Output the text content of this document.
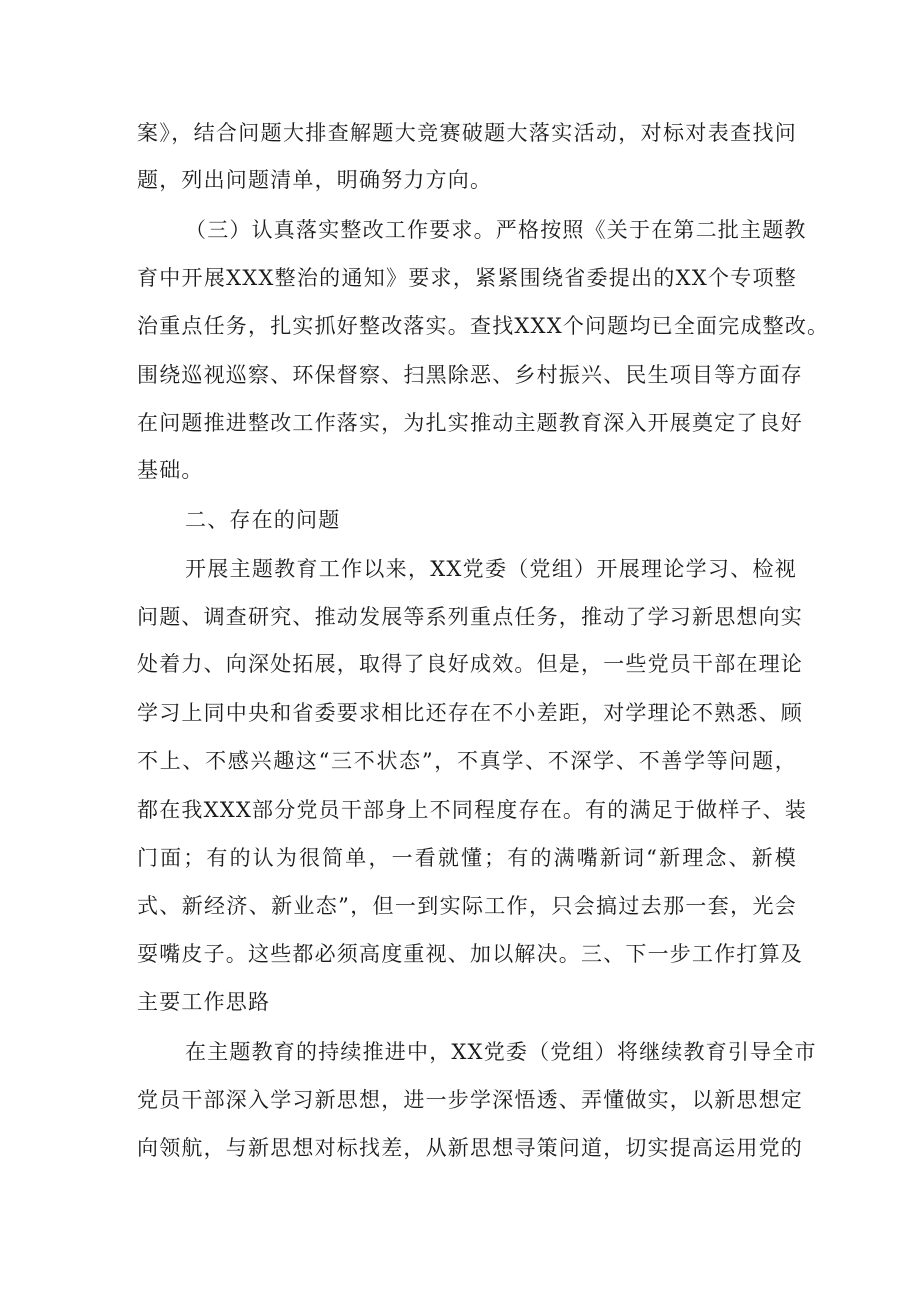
案》，结合问题大排查解题大竞赛破题大落实活动，对标对表查找问
题，列出问题清单，明确努力方向。
（三）认真落实整改工作要求。严格按照《关于在第二批主题教
育中开展XXX整治的通知》要求，紧紧围绕省委提出的XX个专项整
治重点任务，扎实抓好整改落实。查找XXX个问题均已全面完成整改。
围绕巡视巡察、环保督察、扫黑除恶、乡村振兴、民生项目等方面存
在问题推进整改工作落实，为扎实推动主题教育深入开展奠定了良好
基础。
二、存在的问题
开展主题教育工作以来，XX党委（党组）开展理论学习、检视
问题、调查研究、推动发展等系列重点任务，推动了学习新思想向实
处着力、向深处拓展，取得了良好成效。但是，一些党员干部在理论
学习上同中央和省委要求相比还存在不小差距，对学理论不熟悉、顾
不上、不感兴趣这“三不状态”，不真学、不深学、不善学等问题，
都在我XXX部分党员干部身上不同程度存在。有的满足于做样子、装
门面；有的认为很简单，一看就懂；有的满嘴新词“新理念、新模
式、新经济、新业态”，但一到实际工作，只会搞过去那一套，光会
耍嘴皮子。这些都必须高度重视、加以解决。三、下一步工作打算及
主要工作思路
在主题教育的持续推进中，XX党委（党组）将继续教育引导全市
党员干部深入学习新思想，进一步学深悟透、弄懂做实，以新思想定
向领航，与新思想对标找差，从新思想寻策问道，切实提高运用党的
